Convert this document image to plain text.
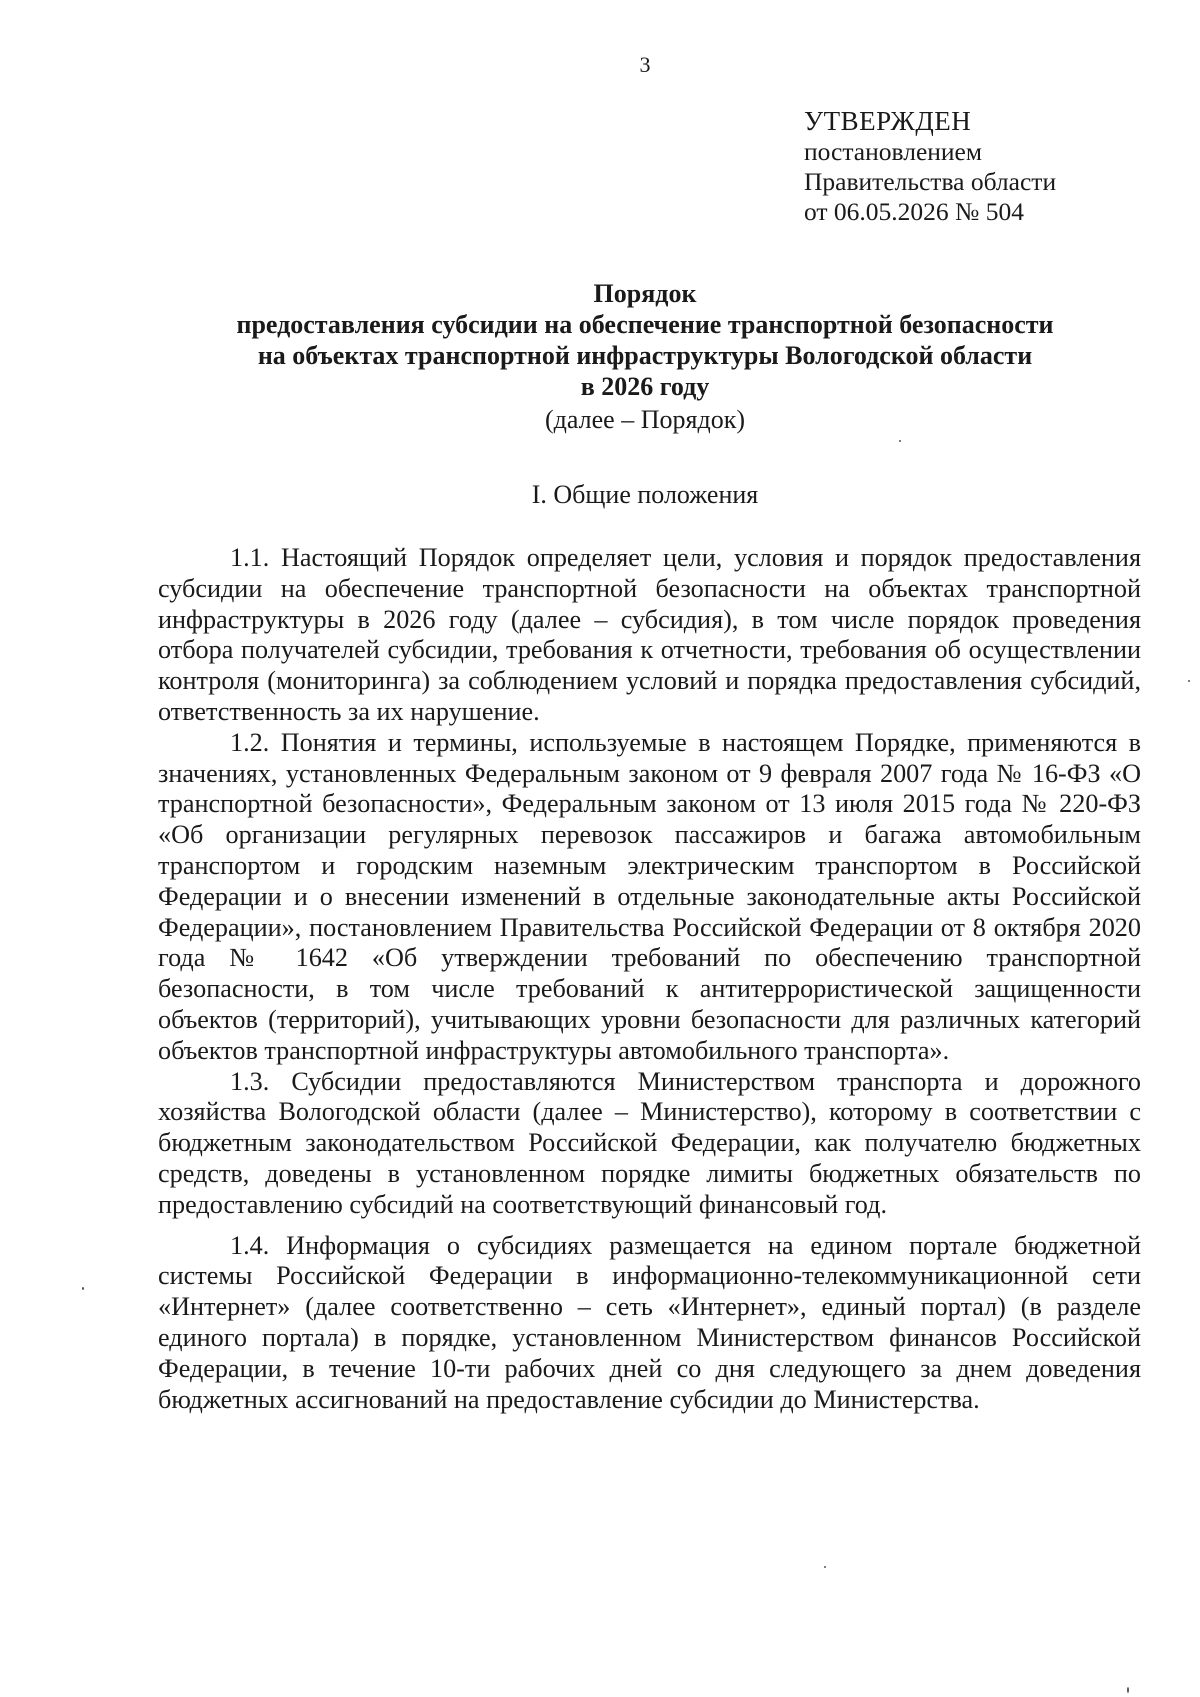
3
УТВЕРЖДЕН
постановлением
Правительства области
от 06.05.2026 № 504
Порядок
предоставления субсидии на обеспечение транспортной безопасности
на объектах транспортной инфраструктуры Вологодской области
в 2026 году
(далее – Порядок)
I. Общие положения

1.1. Настоящий Порядок определяет цели, условия и порядок предоставления субсидии на обеспечение транспортной безопасности на объектах транспортной инфраструктуры в 2026 году (далее – субсидия), в том числе порядок проведения отбора получателей субсидии, требования к отчетности, требования об осуществлении контроля (мониторинга) за соблюдением условий и порядка предоставления субсидий, ответственность за их нарушение.

1.2. Понятия и термины, используемые в настоящем Порядке, применяются в значениях, установленных Федеральным законом от 9 февраля 2007 года № 16-ФЗ «О транспортной безопасности», Федеральным законом от 13 июля 2015 года № 220-ФЗ «Об организации регулярных перевозок пассажиров и багажа автомобильным транспортом и городским наземным электрическим транспортом в Российской Федерации и о внесении изменений в отдельные законодательные акты Российской Федерации», постановлением Правительства Российской Федерации от 8 октября 2020 года № 1642 «Об утверждении требований по обеспечению транспортной безопасности, в том числе требований к антитеррористической защищенности объектов (территорий), учитывающих уровни безопасности для различных категорий объектов транспортной инфраструктуры автомобильного транспорта».

1.3. Субсидии предоставляются Министерством транспорта и дорожного хозяйства Вологодской области (далее – Министерство), которому в соответствии с бюджетным законодательством Российской Федерации, как получателю бюджетных средств, доведены в установленном порядке лимиты бюджетных обязательств по предоставлению субсидий на соответствующий финансовый год.

1.4. Информация о субсидиях размещается на едином портале бюджетной системы Российской Федерации в информационно-телекоммуникационной сети «Интернет» (далее соответственно – сеть «Интернет», единый портал) (в разделе единого портала) в порядке, установленном Министерством финансов Российской Федерации, в течение 10-ти рабочих дней со дня следующего за днем доведения бюджетных ассигнований на предоставление субсидии до Министерства.
